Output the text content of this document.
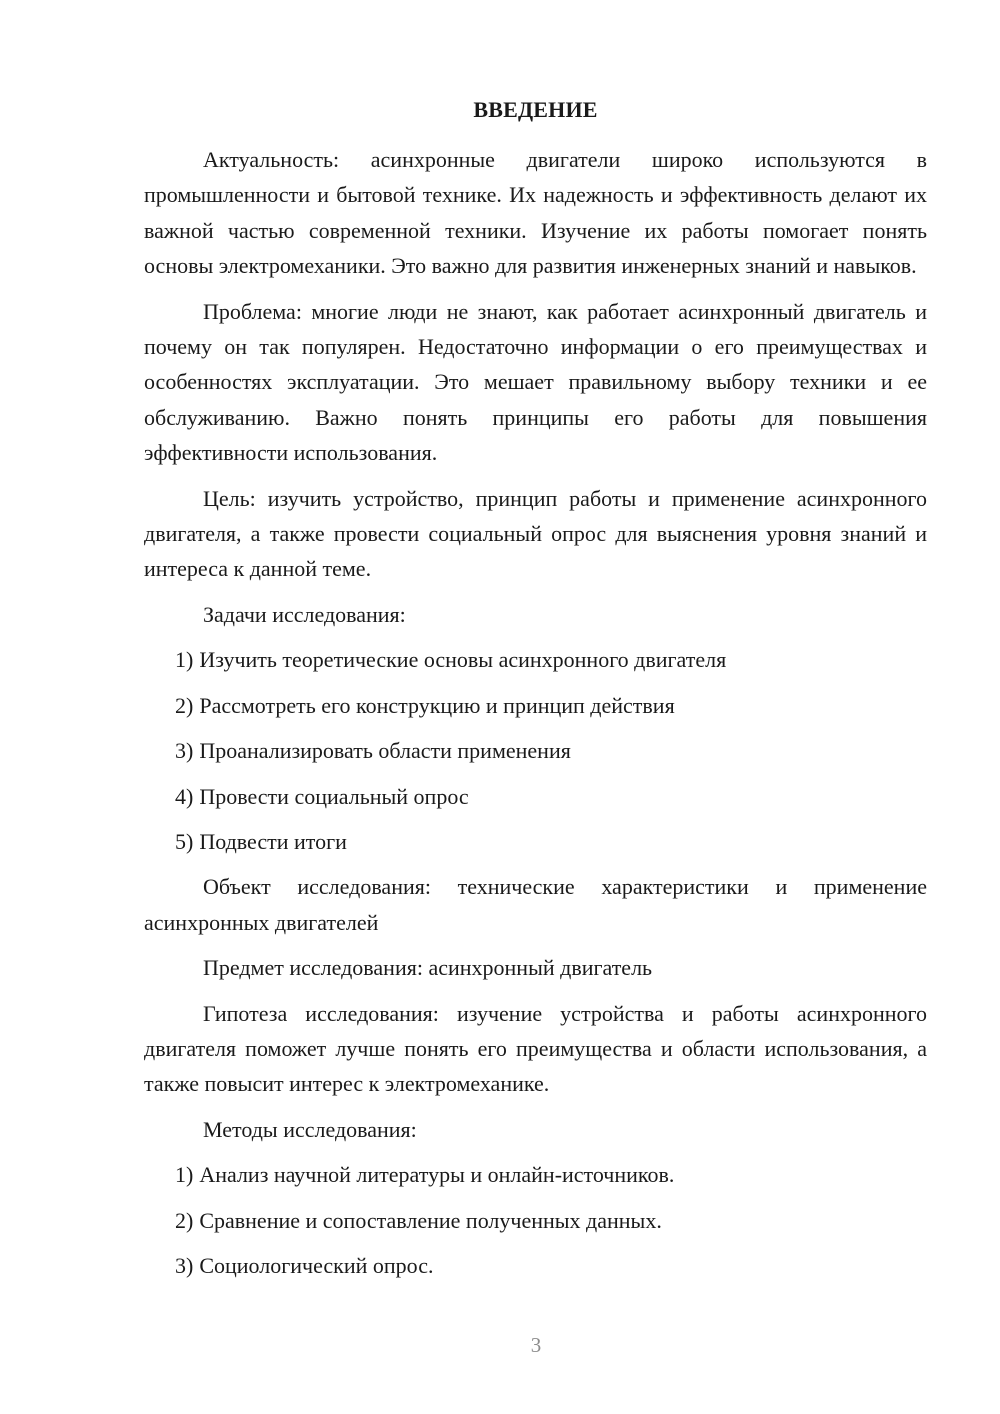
ВВЕДЕНИЕ

Актуальность: асинхронные двигатели широко используются в промышленности и бытовой технике. Их надежность и эффективность делают их важной частью современной техники. Изучение их работы помогает понять основы электромеханики. Это важно для развития инженерных знаний и навыков.

Проблема: многие люди не знают, как работает асинхронный двигатель и почему он так популярен. Недостаточно информации о его преимуществах и особенностях эксплуатации. Это мешает правильному выбору техники и ее обслуживанию. Важно понять принципы его работы для повышения эффективности использования.

Цель: изучить устройство, принцип работы и применение асинхронного двигателя, а также провести социальный опрос для выяснения уровня знаний и интереса к данной теме.

Задачи исследования:

1) Изучить теоретические основы асинхронного двигателя
2) Рассмотреть его конструкцию и принцип действия
3) Проанализировать области применения
4) Провести социальный опрос
5) Подвести итоги

Объект исследования: технические характеристики и применение асинхронных двигателей

Предмет исследования: асинхронный двигатель

Гипотеза исследования: изучение устройства и работы асинхронного двигателя поможет лучше понять его преимущества и области использования, а также повысит интерес к электромеханике.

Методы исследования:

1) Анализ научной литературы и онлайн-источников.
2) Сравнение и сопоставление полученных данных.
3) Социологический опрос.
3
